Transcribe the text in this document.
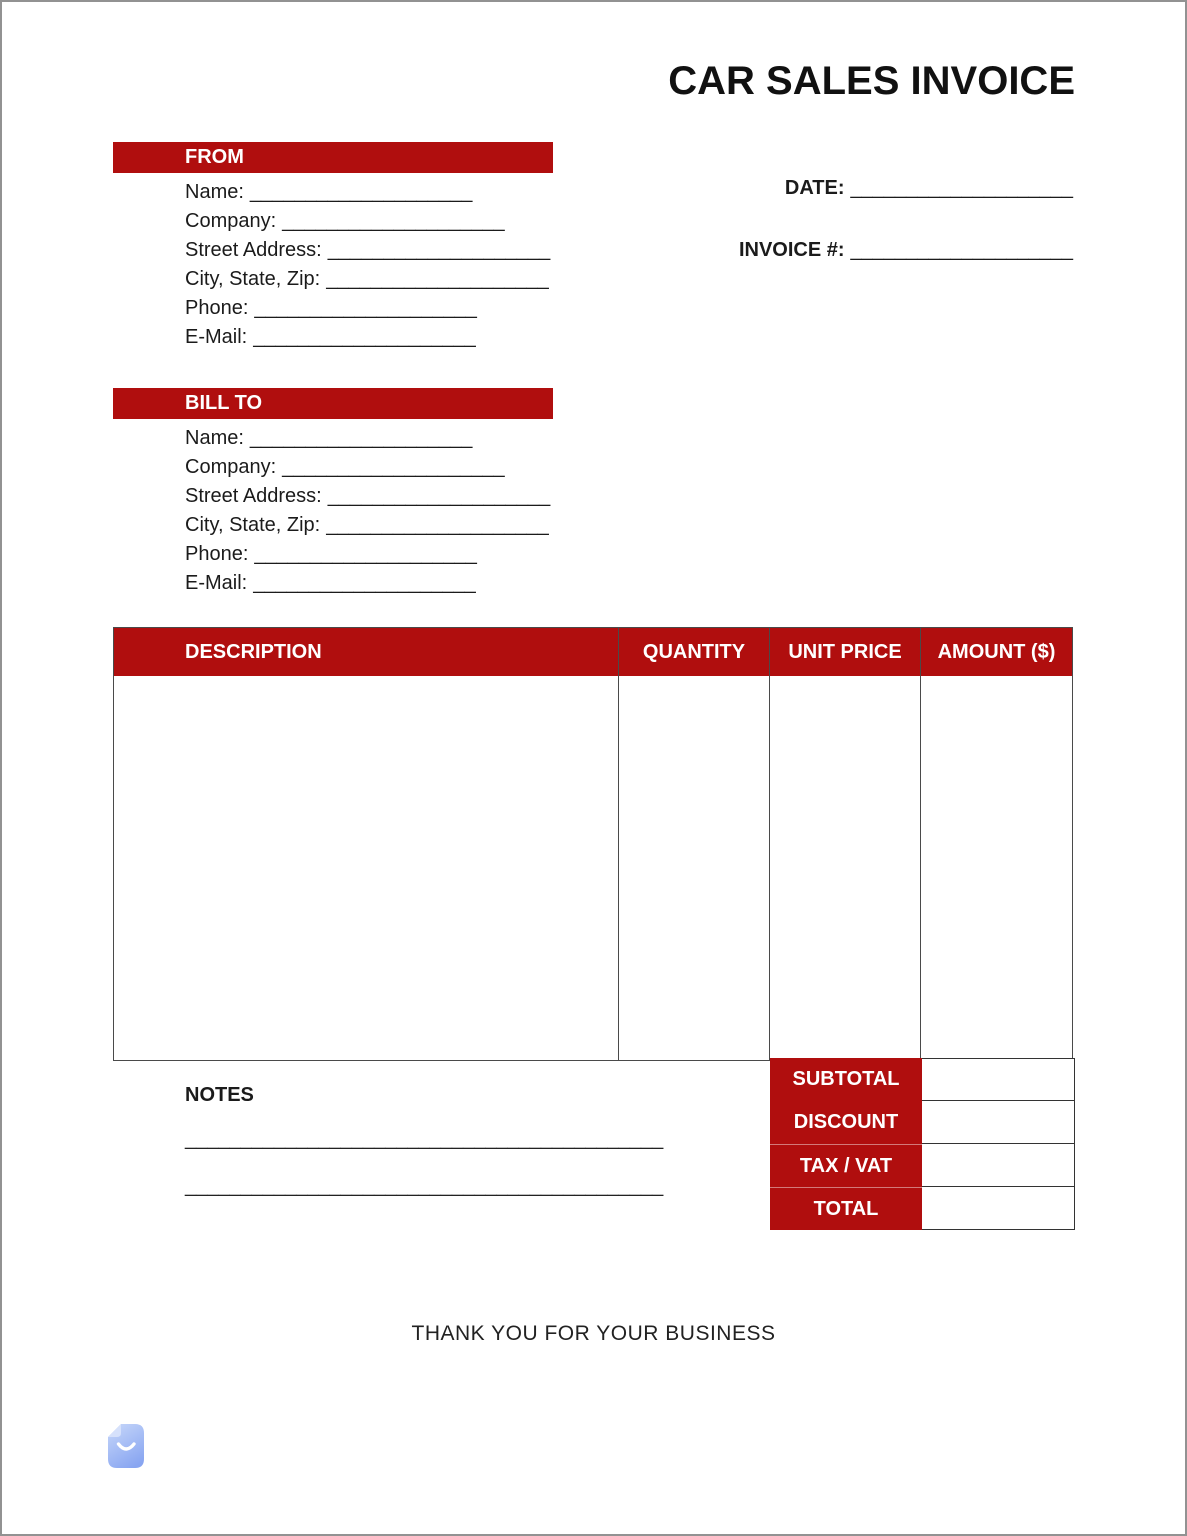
CAR SALES INVOICE
FROM
Name: ____________________
Company: ____________________
Street Address: ____________________
City, State, Zip: ____________________
Phone: ____________________
E-Mail: ____________________
DATE: ____________________
INVOICE #: ____________________
BILL TO
Name: ____________________
Company: ____________________
Street Address: ____________________
City, State, Zip: ____________________
Phone: ____________________
E-Mail: ____________________
DESCRIPTION	QUANTITY	UNIT PRICE	AMOUNT ($)
SUBTOTAL
DISCOUNT
TAX / VAT
TOTAL
NOTES
___________________________________________
___________________________________________
THANK YOU FOR YOUR BUSINESS
